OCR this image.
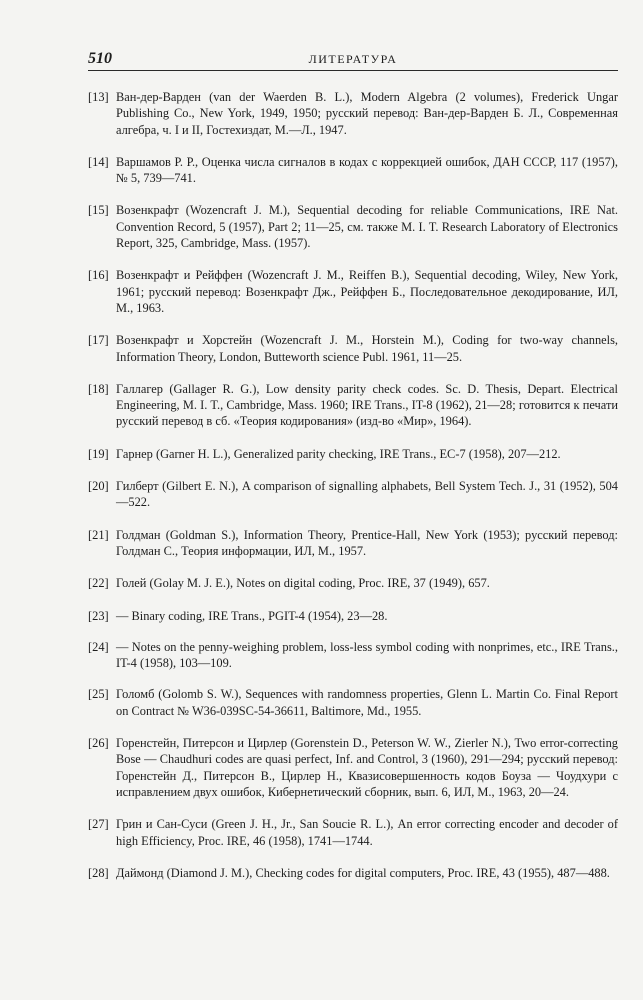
510	ЛИТЕРАТУРА
[13] Ван-дер-Варден (van der Waerden B. L.), Modern Algebra (2 volumes), Frederick Ungar Publishing Co., New York, 1949, 1950; русский перевод: Ван-дер-Варден Б. Л., Современная алгебра, ч. I и II, Гостехиздат, М.—Л., 1947.
[14] Варшамов Р. Р., Оценка числа сигналов в кодах с коррекцией ошибок, ДАН СССР, 117 (1957), № 5, 739—741.
[15] Возенкрафт (Wozencraft J. M.), Sequential decoding for reliable Communications, IRE Nat. Convention Record, 5 (1957), Part 2; 11—25, см. также M. I. T. Research Laboratory of Electronics Report, 325, Cambridge, Mass. (1957).
[16] Возенкрафт и Рейффен (Wozencraft J. M., Reiffen B.), Sequential decoding, Wiley, New York, 1961; русский перевод: Возенкрафт Дж., Рейффен Б., Последовательное декодирование, ИЛ, М., 1963.
[17] Возенкрафт и Хорстейн (Wozencraft J. M., Horstein M.), Coding for two-way channels, Information Theory, London, Butteworth science Publ. 1961, 11—25.
[18] Галлагер (Gallager R. G.), Low density parity check codes. Sc. D. Thesis, Depart. Electrical Engineering, M. I. T., Cambridge, Mass. 1960; IRE Trans., IT-8 (1962), 21—28; готовится к печати русский перевод в сб. «Теория кодирования» (изд-во «Мир», 1964).
[19] Гарнер (Garner H. L.), Generalized parity checking, IRE Trans., EC-7 (1958), 207—212.
[20] Гилберт (Gilbert E. N.), A comparison of signalling alphabets, Bell System Tech. J., 31 (1952), 504—522.
[21] Голдман (Goldman S.), Information Theory, Prentice-Hall, New York (1953); русский перевод: Голдман С., Теория информации, ИЛ, М., 1957.
[22] Голей (Golay M. J. E.), Notes on digital coding, Proc. IRE, 37 (1949), 657.
[23] — Binary coding, IRE Trans., PGIT-4 (1954), 23—28.
[24] — Notes on the penny-weighing problem, loss-less symbol coding with nonprimes, etc., IRE Trans., IT-4 (1958), 103—109.
[25] Голомб (Golomb S. W.), Sequences with randomness properties, Glenn L. Martin Co. Final Report on Contract № W36-039SC-54-36611, Baltimore, Md., 1955.
[26] Горенстейн, Питерсон и Цирлер (Gorenstein D., Peterson W. W., Zierler N.), Two error-correcting Bose — Chaudhuri codes are quasi perfect, Inf. and Control, 3 (1960), 291—294; русский перевод: Горенстейн Д., Питерсон В., Цирлер Н., Квазисовершенность кодов Боуза — Чоудхури с исправлением двух ошибок, Кибернетический сборник, вып. 6, ИЛ, М., 1963, 20—24.
[27] Грин и Сан-Суси (Green J. H., Jr., San Soucie R. L.), An error correcting encoder and decoder of high Efficiency, Proc. IRE, 46 (1958), 1741—1744.
[28] Даймонд (Diamond J. M.), Checking codes for digital computers, Proc. IRE, 43 (1955), 487—488.
